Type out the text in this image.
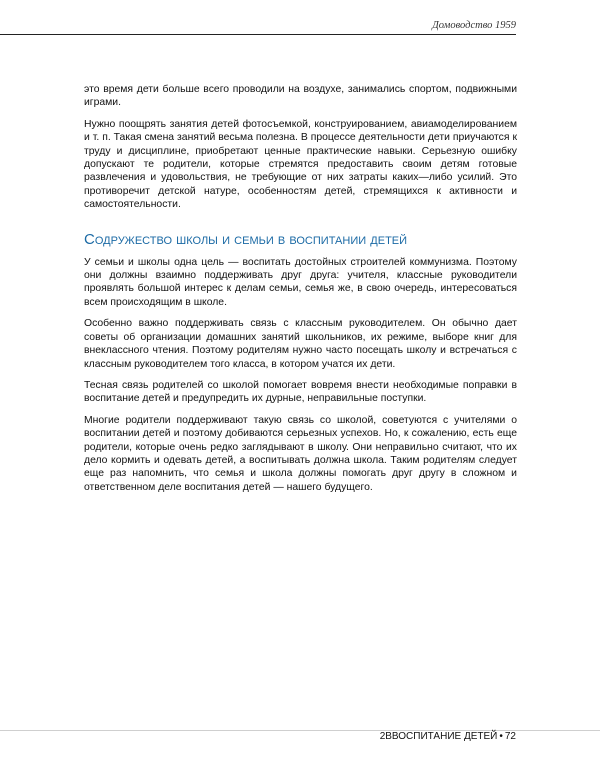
Домоводство 1959

это время дети больше всего проводили на воздухе, занимались спортом, подвижными играми.

Нужно поощрять занятия детей фотосъемкой, конструированием, авиамоделированием и т. п. Такая смена занятий весьма полезна. В процессе деятельности дети приучаются к труду и дисциплине, приобретают ценные практические навыки. Серьезную ошибку допускают те родители, которые стремятся предоставить своим детям готовые развлечения и удовольствия, не требующие от них затраты каких—либо усилий. Это противоречит детской натуре, особенностям детей, стремящихся к активности и самостоятельности.

Содружество школы и семьи в воспитании детей

У семьи и школы одна цель — воспитать достойных строителей коммунизма. Поэтому они должны взаимно поддерживать друг друга: учителя, классные руководители проявлять большой интерес к делам семьи, семья же, в свою очередь, интересоваться всем происходящим в школе.

Особенно важно поддерживать связь с классным руководителем. Он обычно дает советы об организации домашних занятий школьников, их режиме, выборе книг для внеклассного чтения. Поэтому родителям нужно часто посещать школу и встречаться с классным руководителем того класса, в котором учатся их дети.

Тесная связь родителей со школой помогает вовремя внести необходимые поправки в воспитание детей и предупредить их дурные, неправильные поступки.

Многие родители поддерживают такую связь со школой, советуются с учителями о воспитании детей и поэтому добиваются серьезных успехов. Но, к сожалению, есть еще родители, которые очень редко заглядывают в школу. Они неправильно считают, что их дело кормить и одевать детей, а воспитывать должна школа. Таким родителям следует еще раз напомнить, что семья и школа должны помогать друг другу в сложном и ответственном деле воспитания детей — нашего будущего.

2ВВОСПИТАНИЕ ДЕТЕЙ • 72
